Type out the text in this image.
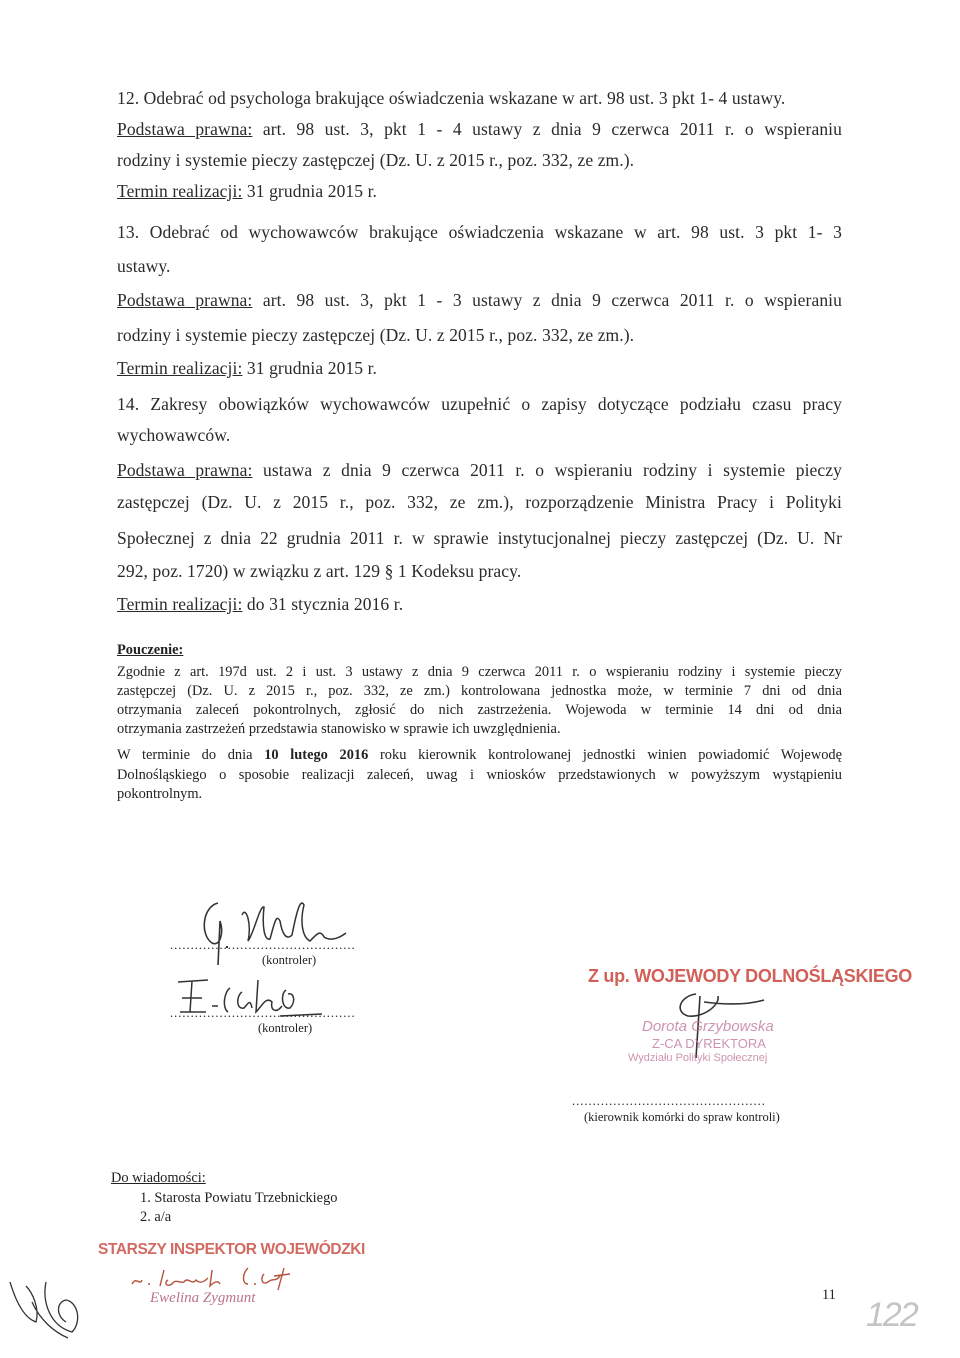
12. Odebrać od psychologa brakujące oświadczenia wskazane w art. 98 ust. 3 pkt 1- 4 ustawy.
Podstawa prawna: art. 98 ust. 3, pkt 1 - 4 ustawy z dnia 9 czerwca 2011 r. o wspieraniu
rodziny i systemie pieczy zastępczej (Dz. U. z 2015 r., poz. 332, ze zm.).
Termin realizacji: 31 grudnia 2015 r.
13. Odebrać od wychowawców brakujące oświadczenia wskazane w art. 98 ust. 3 pkt 1- 3
ustawy.
Podstawa prawna: art. 98 ust. 3, pkt 1 - 3 ustawy z dnia 9 czerwca 2011 r. o wspieraniu
rodziny i systemie pieczy zastępczej (Dz. U. z 2015 r., poz. 332, ze zm.).
Termin realizacji: 31 grudnia 2015 r.
14. Zakresy obowiązków wychowawców uzupełnić o zapisy dotyczące podziału czasu pracy
wychowawców.
Podstawa prawna: ustawa z dnia 9 czerwca 2011 r. o wspieraniu rodziny i systemie pieczy
zastępczej (Dz. U. z 2015 r., poz. 332, ze zm.), rozporządzenie Ministra Pracy i Polityki
Społecznej z dnia 22 grudnia 2011 r. w sprawie instytucjonalnej pieczy zastępczej (Dz. U. Nr
292, poz. 1720) w związku z art. 129 § 1 Kodeksu pracy.
Termin realizacji: do 31 stycznia 2016 r.
Pouczenie:
Zgodnie z art. 197d ust. 2 i ust. 3 ustawy z dnia 9 czerwca 2011 r. o wspieraniu rodziny i systemie pieczy
zastępczej (Dz. U. z 2015 r., poz. 332, ze zm.) kontrolowana jednostka może, w terminie 7 dni od dnia
otrzymania zaleceń pokontrolnych, zgłosić do nich zastrzeżenia. Wojewoda w terminie 14 dni od dnia
otrzymania zastrzeżeń przedstawia stanowisko w sprawie ich uwzględnienia.
W terminie do dnia 10 lutego 2016 roku kierownik kontrolowanej jednostki winien powiadomić Wojewodę
Dolnośląskiego o sposobie realizacji zaleceń, uwag i wniosków przedstawionych w powyższym wystąpieniu
pokontrolnym.
.............................................
(kontroler)
.............................................
(kontroler)
Z up. WOJEWODY DOLNOŚLĄSKIEGO
Dorota Grzybowska
Z-CA DYREKTORA
Wydziału Polityki Społecznej
...............................................
(kierownik komórki do spraw kontroli)
Do wiadomości:
1. Starosta Powiatu Trzebnickiego
2. a/a
STARSZY INSPEKTOR WOJEWÓDZKI
Ewelina Zygmunt	11
122
